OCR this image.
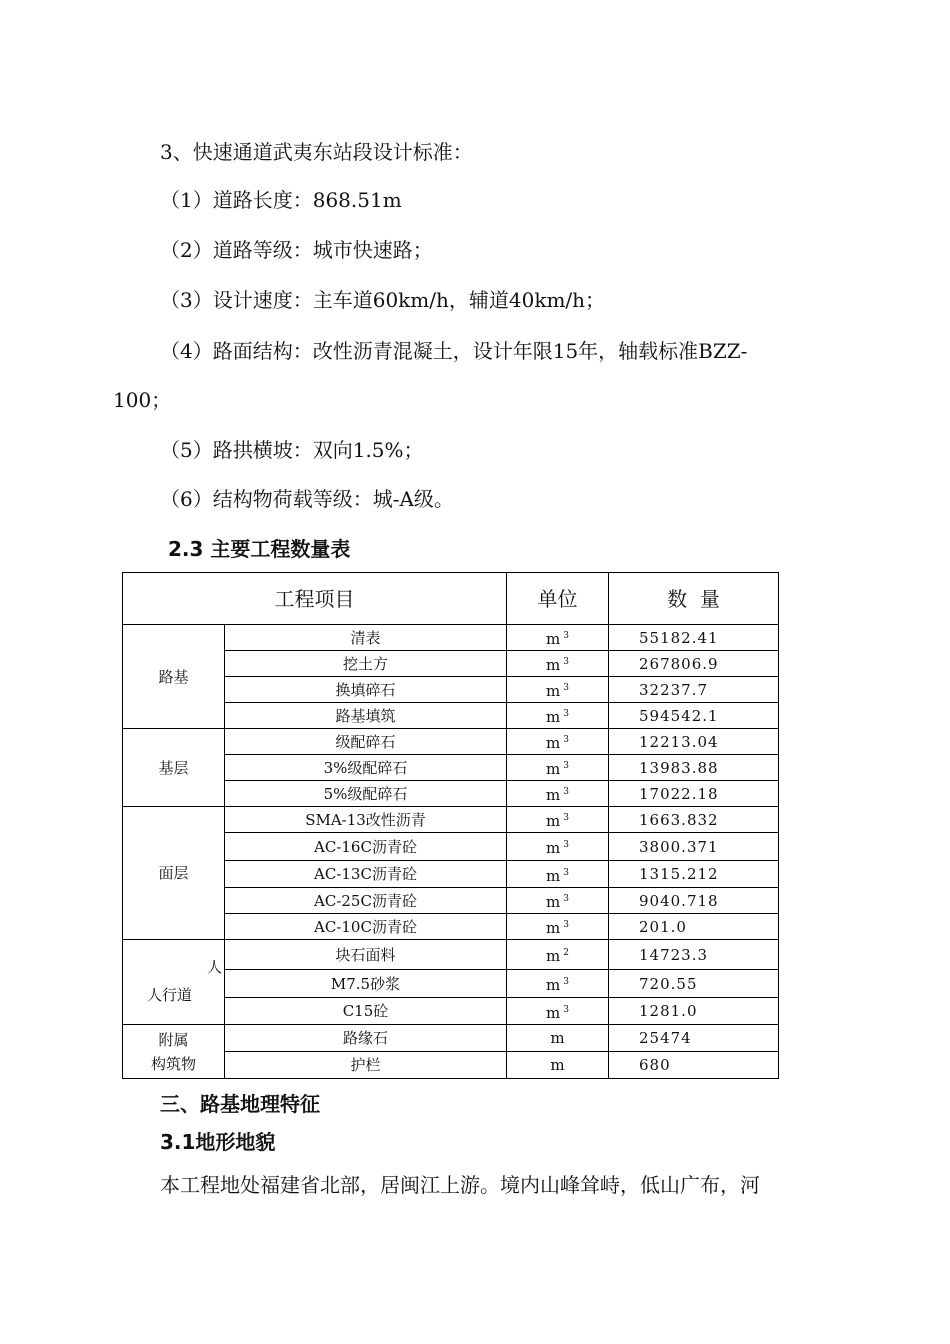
3、快速通道武夷东站段设计标准：
（1）道路长度：868.51m
（2）道路等级：城市快速路；
（3）设计速度：主车道60km/h，辅道40km/h；
（4）路面结构：改性沥青混凝土，设计年限15年，轴载标准BZZ-
100；
（5）路拱横坡：双向1.5%；
（6）结构物荷载等级：城-A级。
2.3 主要工程数量表
工程项目		单位	数  量
路基	清表	m $^3$	55182.41
	挖土方	m $^3$	267806.9
	换填碎石	m $^3$	32237.7
	路基填筑	m $^3$	594542.1
基层	级配碎石	m $^3$	12213.04
	3%级配碎石	m $^3$	13983.88
	5%级配碎石	m $^3$	17022.18
面层	SMA-13改性沥青	m $^3$	1663.832
	AC-16C沥青砼	m $^3$	3800.371
	AC-13C沥青砼	m $^3$	1315.212
	AC-25C沥青砼	m $^3$	9040.718
	AC-10C沥青砼	m $^3$	201.0

人
人行道	块石面料	m $^2$	14723.3
	M7.5砂浆	m $^3$	720.55
	C15砼	m $^3$	1281.0

附属
构筑物	路缘石	m	25474
	护栏	m	680
三、路基地理特征
3.1地形地貌
本工程地处福建省北部，居闽江上游。境内山峰耸峙，低山广布，河
